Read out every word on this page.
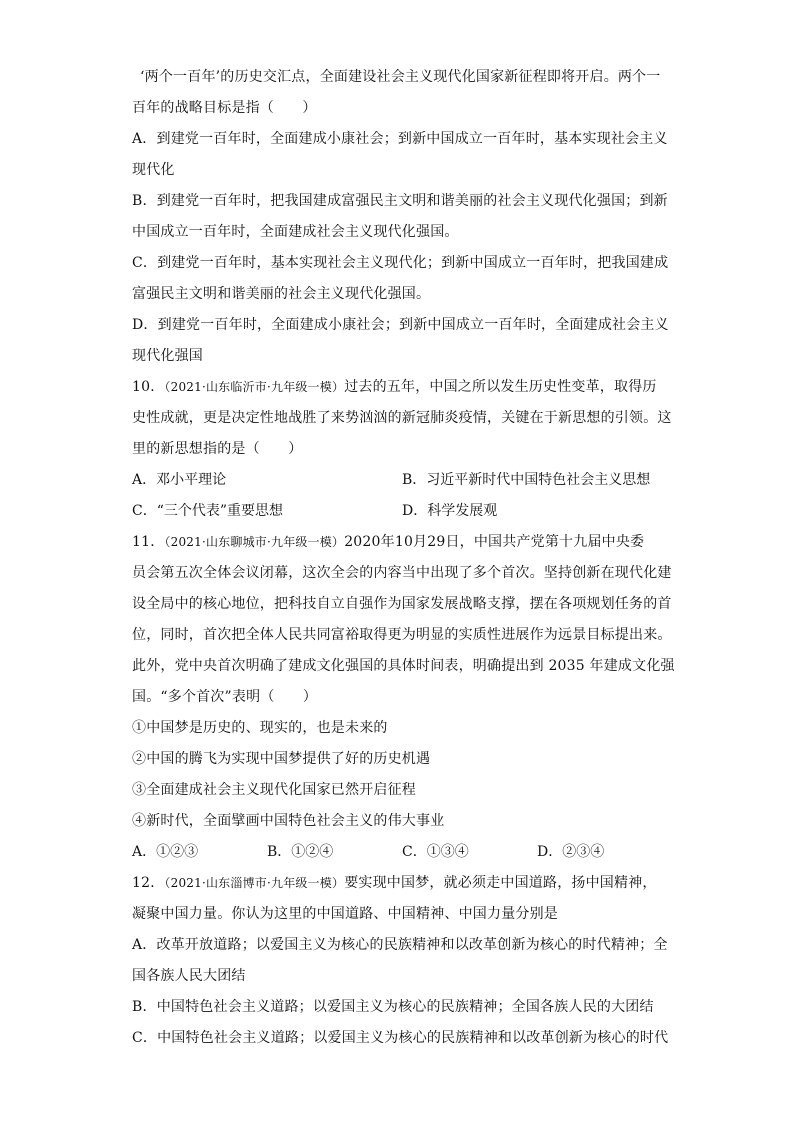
‘两个一百年’的历史交汇点，全面建设社会主义现代化国家新征程即将开启。两个一
百年的战略目标是指（　　）
A．到建党一百年时，全面建成小康社会；到新中国成立一百年时，基本实现社会主义
现代化
B．到建党一百年时，把我国建成富强民主文明和谐美丽的社会主义现代化强国；到新
中国成立一百年时，全面建成社会主义现代化强国。
C．到建党一百年时，基本实现社会主义现代化；到新中国成立一百年时，把我国建成
富强民主文明和谐美丽的社会主义现代化强国。
D．到建党一百年时，全面建成小康社会；到新中国成立一百年时，全面建成社会主义
现代化强国
10．（2021·山东临沂市·九年级一模）过去的五年，中国之所以发生历史性变革，取得历
史性成就，更是决定性地战胜了来势汹汹的新冠肺炎疫情，关键在于新思想的引领。这
里的新思想指的是（　　）
A．邓小平理论	B．习近平新时代中国特色社会主义思想
C．“三个代表”重要思想	D．科学发展观
11．（2021·山东聊城市·九年级一模）2020年10月29日，中国共产党第十九届中央委
员会第五次全体会议闭幕，这次全会的内容当中出现了多个首次。坚持创新在现代化建
设全局中的核心地位，把科技自立自强作为国家发展战略支撑，摆在各项规划任务的首
位，同时，首次把全体人民共同富裕取得更为明显的实质性进展作为远景目标提出来。
此外，党中央首次明确了建成文化强国的具体时间表，明确提出到 2035 年建成文化强
国。“多个首次”表明（　　）
①中国梦是历史的、现实的，也是未来的
②中国的腾飞为实现中国梦提供了好的历史机遇
③全面建成社会主义现代化国家已然开启征程
④新时代，全面擘画中国特色社会主义的伟大事业
A．①②③	B．①②④	C．①③④	D．②③④
12．（2021·山东淄博市·九年级一模）要实现中国梦，就必须走中国道路，扬中国精神，
凝聚中国力量。你认为这里的中国道路、中国精神、中国力量分别是
A．改革开放道路；以爱国主义为核心的民族精神和以改革创新为核心的时代精神；全
国各族人民大团结
B．中国特色社会主义道路；以爱国主义为核心的民族精神；全国各族人民的大团结
C．中国特色社会主义道路；以爱国主义为核心的民族精神和以改革创新为核心的时代
